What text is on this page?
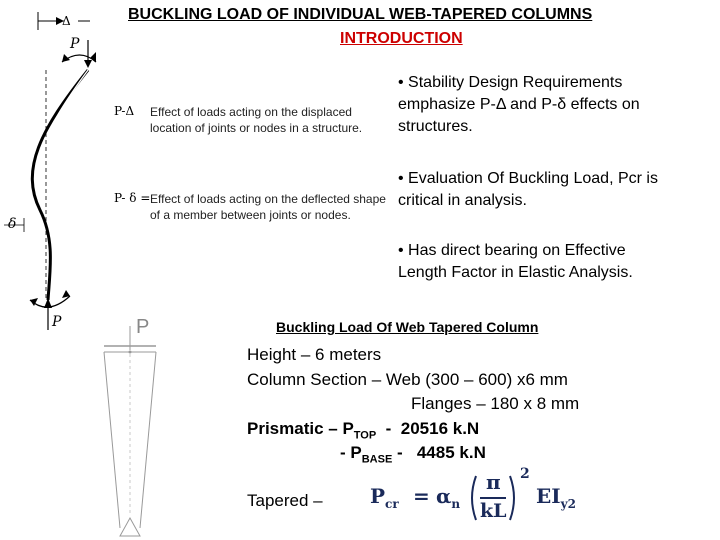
BUCKLING LOAD OF INDIVIDUAL WEB-TAPERED COLUMNS
INTRODUCTION
Δ
P
P-Δ Effect of loads acting on the displaced location of joints or nodes in a structure.
P- δ = Effect of loads acting on the deflected shape of a member between joints or nodes.
δ
P
• Stability Design Requirements emphasize P-Δ and P-δ effects on structures.
• Evaluation Of Buckling Load, Pcr is critical in analysis.
• Has direct bearing on Effective Length Factor in Elastic Analysis.
Buckling Load Of Web Tapered Column
P
Height – 6 meters
Column Section – Web (300 – 600) x6 mm
Flanges – 180 x 8 mm
Prismatic – $P_{TOP} - 20516$ k.N
- $P_{BASE} - 4485$ k.N
Tapered – $P_{cr} = \alpha_n$
π
kL
2
$EI_{y2}$
